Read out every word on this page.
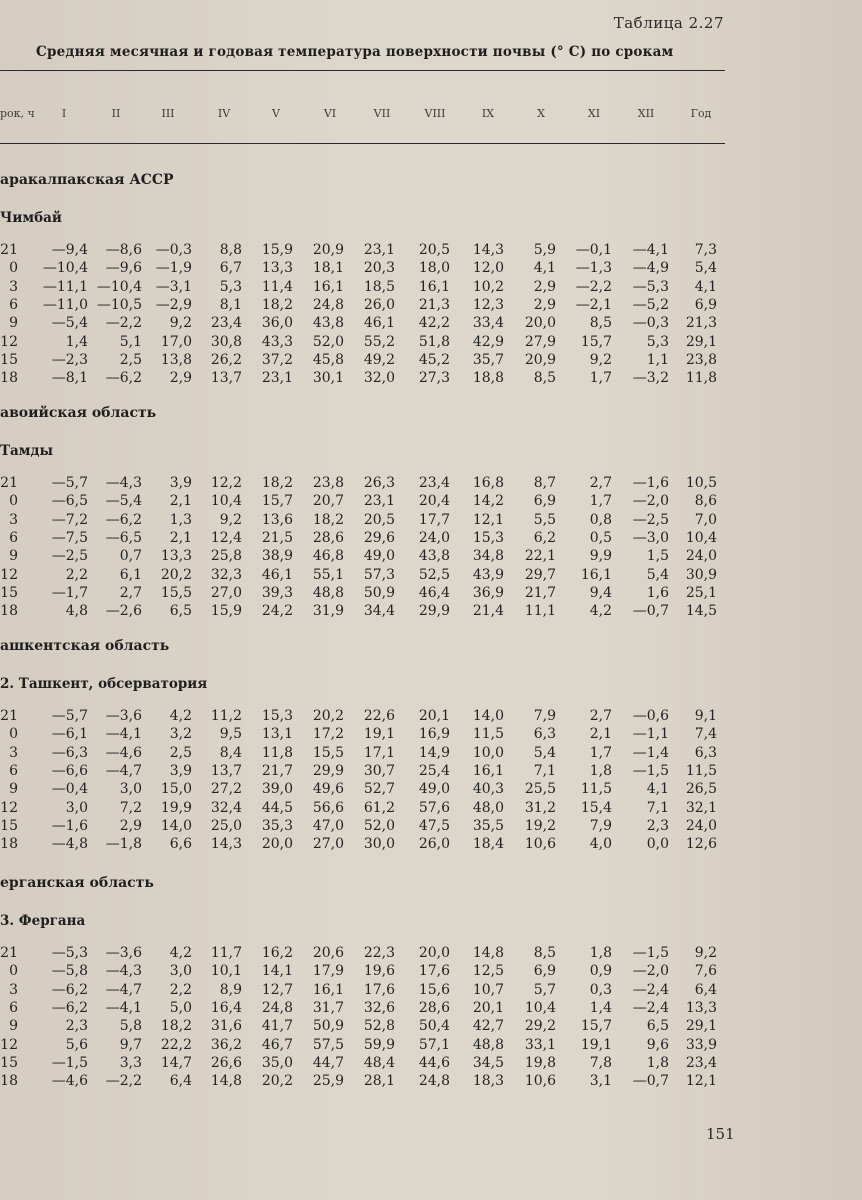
Таблица 2.27
Средняя месячная и годовая температура поверхности почвы (° С) по срокам
рок, ч	I	II	III	IV	V	VI	VII	VIII	IX	X	XI	XII	Год
аракалпакская АССР
Чимбай
21 —9,4 —8,6 —0,3 8,8 15,9 20,9 23,1 20,5 14,3 5,9 —0,1 —4,1 7,3
0 —10,4 —9,6 —1,9 6,7 13,3 18,1 20,3 18,0 12,0 4,1 —1,3 —4,9 5,4
3 —11,1 —10,4 —3,1 5,3 11,4 16,1 18,5 16,1 10,2 2,9 —2,2 —5,3 4,1
6 —11,0 —10,5 —2,9 8,1 18,2 24,8 26,0 21,3 12,3 2,9 —2,1 —5,2 6,9
9 —5,4 —2,2 9,2 23,4 36,0 43,8 46,1 42,2 33,4 20,0 8,5 —0,3 21,3
12	1,4 5,1 17,0 30,8 43,3 52,0 55,2 51,8 42,9 27,9 15,7 5,3 29,1
15 —2,3 2,5 13,8 26,2 37,2 45,8 49,2 45,2 35,7 20,9 9,2 1,1 23,8
18 —8,1 —6,2 2,9 13,7 23,1 30,1 32,0 27,3 18,8 8,5 1,7 —3,2 11,8
авоийская область
Тамды
21 —5,7 —4,3 3,9 12,2 18,2 23,8 26,3 23,4 16,8 8,7 2,7 —1,6 10,5
0 —6,5 —5,4 2,1 10,4 15,7 20,7 23,1 20,4 14,2 6,9 1,7 —2,0 8,6
3 —7,2 —6,2 1,3 9,2 13,6 18,2 20,5 17,7 12,1 5,5 0,8 —2,5 7,0
6 —7,5 —6,5 2,1 12,4 21,5 28,6 29,6 24,0 15,3 6,2 0,5 —3,0 10,4
9 —2,5 0,7 13,3 25,8 38,9 46,8 49,0 43,8 34,8 22,1 9,9 1,5 24,0
12	2,2 6,1 20,2 32,3 46,1 55,1 57,3 52,5 43,9 29,7 16,1 5,4 30,9
15 —1,7 2,7 15,5 27,0 39,3 48,8 50,9 46,4 36,9 21,7 9,4 1,6 25,1
18	4,8 —2,6 6,5 15,9 24,2 31,9 34,4 29,9 21,4 11,1 4,2 —0,7 14,5
ашкентская область
2. Ташкент, обсерватория
21 —5,7 —3,6 4,2 11,2 15,3 20,2 22,6 20,1 14,0 7,9 2,7 —0,6 9,1
0 —6,1 —4,1 3,2 9,5 13,1 17,2 19,1 16,9 11,5 6,3 2,1 —1,1 7,4
3 —6,3 —4,6 2,5 8,4 11,8 15,5 17,1 14,9 10,0 5,4 1,7 —1,4 6,3
6 —6,6 —4,7 3,9 13,7 21,7 29,9 30,7 25,4 16,1 7,1 1,8 —1,5 11,5
9 —0,4 3,0 15,0 27,2 39,0 49,6 52,7 49,0 40,3 25,5 11,5 4,1 26,5
12	3,0 7,2 19,9 32,4 44,5 56,6 61,2 57,6 48,0 31,2 15,4 7,1 32,1
15 —1,6 2,9 14,0 25,0 35,3 47,0 52,0 47,5 35,5 19,2 7,9 2,3 24,0
18 —4,8 —1,8 6,6 14,3 20,0 27,0 30,0 26,0 18,4 10,6 4,0 0,0 12,6
ерганская область
3. Фергана
21 —5,3 —3,6 4,2 11,7 16,2 20,6 22,3 20,0 14,8 8,5 1,8 —1,5 9,2
0 —5,8 —4,3 3,0 10,1 14,1 17,9 19,6 17,6 12,5 6,9 0,9 —2,0 7,6
3 —6,2 —4,7 2,2 8,9 12,7 16,1 17,6 15,6 10,7 5,7 0,3 —2,4 6,4
6 —6,2 —4,1 5,0 16,4 24,8 31,7 32,6 28,6 20,1 10,4 1,4 —2,4 13,3
9	2,3 5,8 18,2 31,6 41,7 50,9 52,8 50,4 42,7 29,2 15,7 6,5 29,1
12	5,6 9,7 22,2 36,2 46,7 57,5 59,9 57,1 48,8 33,1 19,1 9,6 33,9
15 —1,5 3,3 14,7 26,6 35,0 44,7 48,4 44,6 34,5 19,8 7,8 1,8 23,4
18 —4,6 —2,2 6,4 14,8 20,2 25,9 28,1 24,8 18,3 10,6 3,1 —0,7 12,1
151
